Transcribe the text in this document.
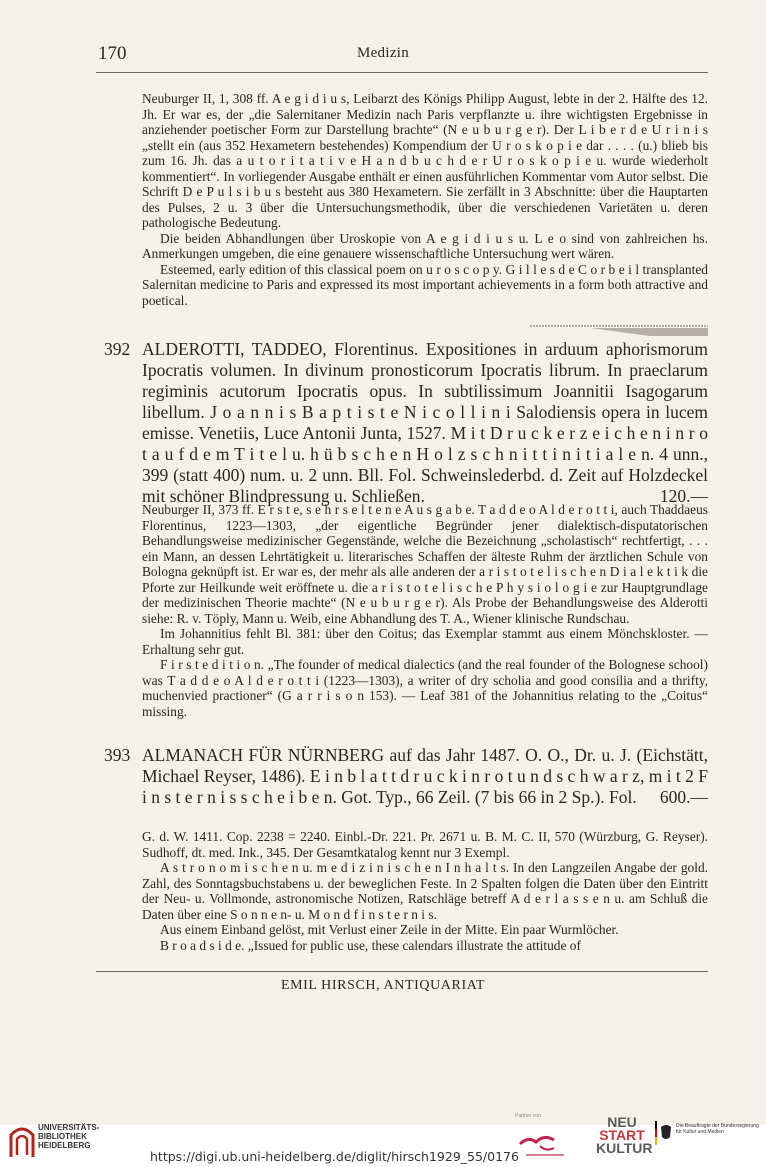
170	Medizin

Neuburger II, 1, 308 ff. A e g i d i u s, Leibarzt des Königs Philipp August, lebte in der 2. Hälfte des 12. Jh. Er war es, der „die Salernitaner Medizin nach Paris verpflanzte u. ihre wichtigsten Ergebnisse in anziehender poetischer Form zur Darstellung brachte“ (N e u b u r g e r). Der L i b e r d e U r i n i s „stellt ein (aus 352 Hexametern bestehendes) Kompendium der U r o s k o p i e dar . . . . (u.) blieb bis zum 16. Jh. das a u t o r i t a t i v e H a n d b u c h d e r U r o s k o p i e u. wurde wiederholt kommentiert“. In vorliegender Ausgabe enthält er einen ausführlichen Kommentar vom Autor selbst. Die Schrift D e P u l s i b u s besteht aus 380 Hexametern. Sie zerfällt in 3 Abschnitte: über die Hauptarten des Pulses, 2 u. 3 über die Untersuchungsmethodik, über die verschiedenen Varietäten u. deren pathologische Bedeutung.

Die beiden Abhandlungen über Uroskopie von A e g i d i u s u. L e o sind von zahlreichen hs. Anmerkungen umgeben, die eine genauere wissenschaftliche Untersuchung wert wären.

Esteemed, early edition of this classical poem on u r o s c o p y. G i l l e s d e C o r b e i l transplanted Salernitan medicine to Paris and expressed its most important achievements in a form both attractive and poetical.

392 ALDEROTTI, TADDEO, Florentinus. Expositiones in arduum aphorismorum Ipocratis volumen. In divinum pronosticorum Ipocratis librum. In praeclarum regiminis acutorum Ipocratis opus. In subtilissimum Joannitii Isagogarum libellum. J o a n n i s B a p t i s t e N i c o l l i n i Salodiensis opera in lucem emisse. Venetiis, Luce Antonii Junta, 1527. M i t D r u c k e r z e i c h e n i n r o t a u f d e m T i t e l u. h ü b s c h e n H o l z s c h n i t t i n i t i a l e n. 4 unn., 399 (statt 400) num. u. 2 unn. Bll. Fol. Schweinslederbd. d. Zeit auf Holzdeckel mit schöner Blindpressung u. Schließen.	120.—

Neuburger II, 373 ff. E r s t e, s e h r s e l t e n e A u s g a b e. T a d d e o A l d e r o t t i, auch Thaddaeus Florentinus, 1223—1303, „der eigentliche Begründer jener dialektisch-disputatorischen Behandlungsweise medizinischer Gegenstände, welche die Bezeichnung „scholastisch“ rechtfertigt, . . . ein Mann, an dessen Lehrtätigkeit u. literarisches Schaffen der älteste Ruhm der ärztlichen Schule von Bologna geknüpft ist. Er war es, der mehr als alle anderen der a r i s t o t e l i s c h e n D i a l e k t i k die Pforte zur Heilkunde weit eröffnete u. die a r i s t o t e l i s c h e P h y s i o l o g i e zur Hauptgrundlage der medizinischen Theorie machte“ (N e u b u r g e r). Als Probe der Behandlungsweise des Alderotti siehe: R. v. Töply, Mann u. Weib, eine Abhandlung des T. A., Wiener klinische Rundschau.

Im Johannitius fehlt Bl. 381: über den Coitus; das Exemplar stammt aus einem Mönchskloster. — Erhaltung sehr gut.

F i r s t e d i t i o n. „The founder of medical dialectics (and the real founder of the Bolognese school) was T a d d e o A l d e r o t t i (1223—1303), a writer of dry scholia and good consilia and a thrifty, muchenvied practioner“ (G a r r i s o n 153). — Leaf 381 of the Johannitius relating to the „Coitus“ missing.

393 ALMANACH FÜR NÜRNBERG auf das Jahr 1487. O. O., Dr. u. J. (Eichstätt, Michael Reyser, 1486). E i n b l a t t d r u c k i n r o t u n d s c h w a r z, m i t 2 F i n s t e r n i s s c h e i b e n. Got. Typ., 66 Zeil. (7 bis 66 in 2 Sp.). Fol. 600.—

G. d. W. 1411. Cop. 2238 = 2240. Einbl.-Dr. 221. Pr. 2671 u. B. M. C. II, 570 (Würzburg, G. Reyser). Sudhoff, dt. med. Ink., 345. Der Gesamtkatalog kennt nur 3 Exempl.

A s t r o n o m i s c h e n u. m e d i z i n i s c h e n I n h a l t s. In den Langzeilen Angabe der gold. Zahl, des Sonntagsbuchstabens u. der beweglichen Feste. In 2 Spalten folgen die Daten über den Eintritt der Neu- u. Vollmonde, astronomische Notizen, Ratschläge betreff A d e r l a s s e n u. am Schluß die Daten über eine S o n n e n- u. M o n d f i n s t e r n i s.

Aus einem Einband gelöst, mit Verlust einer Zeile in der Mitte. Ein paar Wurmlöcher.

B r o a d s i d e. „Issued for public use, these calendars illustrate the attitude of

EMIL HIRSCH, ANTIQUARIAT
UNIVERSITÄTS-
BIBLIOTHEK
HEIDELBERG
https://digi.ub.uni-heidelberg.de/diglit/hirsch1929_55/0176
Partner von	NEU
START
KULTUR
Die Beauftragte der Bundesregierung
für Kultur und Medien
